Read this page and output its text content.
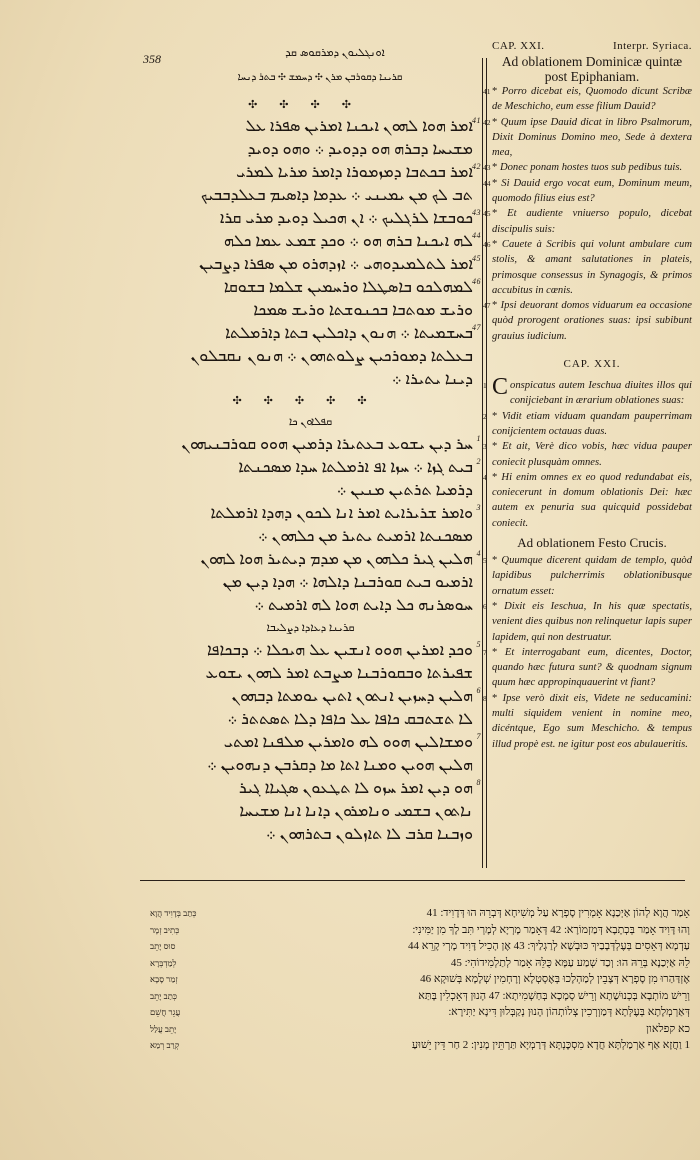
358	ܐܘܢܓܠܝܘܢ ܕܡܪܩܘܣ ܩܕ
ܩܪܝܢܐ ܕܩܘܪܒܢ ܡܪܢ ✣ ܕܚܡܫ ✣ ܒܬܪ ܕܢܚܐ
✣✣✣✣
ܐܡܪ ܗܘܐ ܠܗܘܢ ܐܝܟܢܐ ܐܡܪܝܢ ܣܦܪܐ ܥܠ 41
ܡܫܝܚܐ ܕܒܪܗ ܗܘ ܕܕܘܝܕ ܀ ܘܗܘ ܕܘܝܕ
ܐܡܪ ܒܟܬܒܐ ܕܡܙܡܘܪܐ ܕܐܡܪ ܡܪܝܐ ܠܡܪܝ 42
ܬܒ ܠܟ ܡܢ ܝܡܝܢܝ ܀ ܥܕܡܐ ܕܐܣܝܡ ܒܥܠܕܒܒܝܟ
ܟܘܒܫܐ ܠܪܓܠܝܟ ܀ ܐܢ ܗܟܝܠ ܕܘܝܕ ܡܪܝ ܩܪܐ 43
ܠܗ ܐܝܟܢܐ ܒܪܗ ܗܘ ܀ ܘܟܕ ܫܡܥ ܥܡܐ ܟܠܗ 44
ܐܡܪ ܠܬܠܡܝܕܘܗܝ ܀ ܐܙܕܗܪܘ ܡܢ ܣܦܪܐ ܕܨܒܝܢ 45
ܠܡܗܠܟܘ ܒܐܣܛܠܐ ܘܪܚܡܝܢ ܫܠܡܐ ܒܫܘܩܐ 46
ܘܪܝܫ ܡܘܬܒܐ ܒܟܢܘܫܬܐ ܘܪܝܫ ܣܡܟܐ
ܒܚܫܡܝܬܐ ܀ ܗܢܘܢ ܕܐܟܠܝܢ ܒܬܐ ܕܐܪܡܠܬܐ 47
ܒܥܠܬܐ ܕܡܘܪܟܝܢ ܨܠܘܬܗܘܢ ܀ ܗܢܘܢ ܢܩܒܠܘܢ
ܕܝܢܐ ܝܬܝܪܐ ܀
✣✣✣✣✣
ܩܦܠܐܘܢ ܟܐ
ܚܪ ܕܝܢ ܝܫܘܥ ܒܥܬܝܪܐ ܕܪܡܝܢ ܗܘܘ ܩܘܪܒܢܝܗܘܢ 1
ܒܝܬ ܓܙܐ ܀ ܚܙܐ ܐܦ ܐܪܡܠܬܐ ܚܕܐ ܡܣܟܢܬܐ 2
ܕܪܡܝܐ ܬܪܬܝܢ ܡܢܝܢ ܀
ܘܐܡܪ ܫܪܝܪܐܝܬ ܐܡܪ ܐܢܐ ܠܟܘܢ ܕܗܕܐ ܐܪܡܠܬܐ 3
ܡܣܟܢܬܐ ܐܪܡܝܬ ܝܬܝܪ ܡܢ ܟܠܗܘܢ ܀
ܗܠܝܢ ܓܝܪ ܟܠܗܘܢ ܡܢ ܡܕܡ ܕܝܬܝܪ ܗܘܐ ܠܗܘܢ 4
ܐܪܡܝܘ ܒܝܬ ܩܘܪܒܢܐ ܕܐܠܗܐ ܀ ܗܕܐ ܕܝܢ ܡܢ
ܚܘܣܪܢܗ ܟܠ ܕܐܝܬ ܗܘܐ ܠܗ ܐܪܡܝܬ ܀
ܩܪܝܢܐ ܕܥܐܕܐ ܕܨܠܝܒܐ
ܘܟܕ ܐܡܪܝܢ ܗܘܘ ܐܢܫܝܢ ܥܠ ܗܝܟܠܐ ܀ ܕܒܟܐܦܐ 5
ܫܦܝܪܬܐ ܘܒܩܘܪܒܢܐ ܡܨܒܬ ܐܡܪ ܠܗܘܢ ܝܫܘܥ
ܗܠܝܢ ܕܚܙܝܢ ܐܢܬܘܢ ܐܬܝܢ ܝܘܡܬܐ ܕܒܗܘܢ 6
ܠܐ ܬܫܬܒܩ ܟܐܦܐ ܥܠ ܟܐܦܐ ܕܠܐ ܬܣܬܬܪ ܀
ܘܡܫܐܠܝܢ ܗܘܘ ܠܗ ܘܐܡܪܝܢ ܡܠܦܢܐ ܐܡܬܝ 7
ܗܠܝܢ ܗܘܝܢ ܘܡܢܐ ܐܬܐ ܡܐ ܕܩܪܒܢ ܕܢܗܘܝܢ ܀
ܗܘ ܕܝܢ ܐܡܪ ܚܙܘ ܠܐ ܬܛܥܘܢ ܣܓܝܐܐ ܓܝܪ 8
ܢܐܬܘܢ ܒܫܡܝ ܘܢܐܡܪܘܢ ܕܐܢܐ ܐܢܐ ܡܫܝܚܐ
ܘܙܒܢܐ ܩܪܒ ܠܐ ܬܐܙܠܘܢ ܒܬܪܗܘܢ ܀
CAP. XXI.	Interpr. Syriaca.
Ad oblationem Dominicæ quintæ post Epiphaniam.

41 * Porro dicebat eis, Quomodo dicunt Scribæ de Meschicho, eum esse filium Dauid?

42 * Quum ipse Dauid dicat in libro Psalmorum, Dixit Dominus Domino meo, Sede à dextera mea,

43 * Donec ponam hostes tuos sub pedibus tuis.

44 * Si Dauid ergo vocat eum, Dominum meum, quomodo filius eius est?

45 * Et audiente vniuerso populo, dicebat discipulis suis:

46 * Cauete à Scribis qui volunt ambulare cum stolis, & amant salutationes in plateis, primosque consessus in Synagogis, & primos accubitus in cœnis.

47 * Ipsi deuorant domos viduarum ea occasione quòd prorogent orationes suas: ipsi subibunt grauius iudicium.

CAP. XXI.

1 C onspicatus autem Ieschua diuites illos qui conijciebant in ærarium oblationes suas:

2 * Vidit etiam viduam quandam pauperrimam conijcientem octauas duas.

3 * Et ait, Verè dico vobis, hæc vidua pauper coniecit plusquàm omnes.

4 * Hi enim omnes ex eo quod redundabat eis, coniecerunt in domum oblationis Dei: hæc autem ex penuria sua quicquid possidebat coniecit.

Ad oblationem Festo Crucis.

5 * Quumque dicerent quidam de templo, quòd lapidibus pulcherrimis oblationibusque ornatum esset:

6 * Dixit eis Ieschua, In his quæ spectatis, venient dies quibus non relinquetur lapis super lapidem, qui non destruatur.

7 * Et interrogabant eum, dicentes, Doctor, quando hæc futura sunt? & quodnam signum quum hæc appropinquauerint vt fiant?

8 * Ipse verò dixit eis, Videte ne seducamini: multi siquidem venient in nomine meo, dicéntque, Ego sum Meschicho. & tempus illud propè est. ne igitur post eos abulaueritis.

כְּתַב בְּדָוִיד הֲוָא
כְּתִיב זְמָר
סוּס יָתֵב
לְמַדְבְּרָא
זְמַר סָבָא
כְּתַב יָתֵב
עֲגֵר חֲשֵׁם
יָתֵב עֲלַל
קְרַב רְמַא
אָמַר הֲוָא לְהוֹן אַיְכַנָא אָמְרִין סָפְרָא עַל מְשִׁיחָא דְּבְרֵהּ הוּ דְּדָוִיד ׃ 41
וְהוּ דָּוִיד אָמַר בְּכְתָבָא דְּמַזְמוֹרָא ׃ 42 דְּאָמַר מָרְיָא לְמָרְי תִּב לָךְ מִן יַמִּינִי ׃
עַדְמָא דְּאֵסִים בְּעֶלְדְּבָבַיךְ כּוּבְשָׁא לְרַגְלַיךְ ׃ 43 אֶן הָכִיל דָּוִיד מָרְי קָרֵא 44
לֵהּ אַיְכַנָא בְּרֵהּ הוּ ׃ וְכַד שְׁמַע עַמָּא כֻּלֵּהּ אָמַר לְתַלְמִידוֹהִי ׃ 45
אֶזְדַּהַרוּ מִן סָפְרָא דְּצָבֵין לְמַהְלָכוּ בְּאֶסְטְלָא וְרָחְמִין שְׁלָמָא בְּשׁוּקָא 46
וְרֵישׁ מוֹתְבָא בְּכְנוּשָׁתָא וְרֵישׁ סְמָכָא בְּחַשְׁמִיתָא ׃ 47 הָנוּן דְּאָכְלִין בָּתַּא
דְּאַרְמְלָתָא בְּעֶלְּתָא דְּמַוְרְכִין צְלוֹתְהוֹן הָנוּן נְקַבְּלוּן דִּינָא יַתִּירָא ׃
כא קפלאון
1 וַחֲזָא אַף אַרְמַלְתָּא חֲדָא מִסְכֶּנְתָּא דְּרַמְיָא תַּרְתֵּין מָנִין ׃ 2 חַר דֵּין יֵשׁוּעַ
